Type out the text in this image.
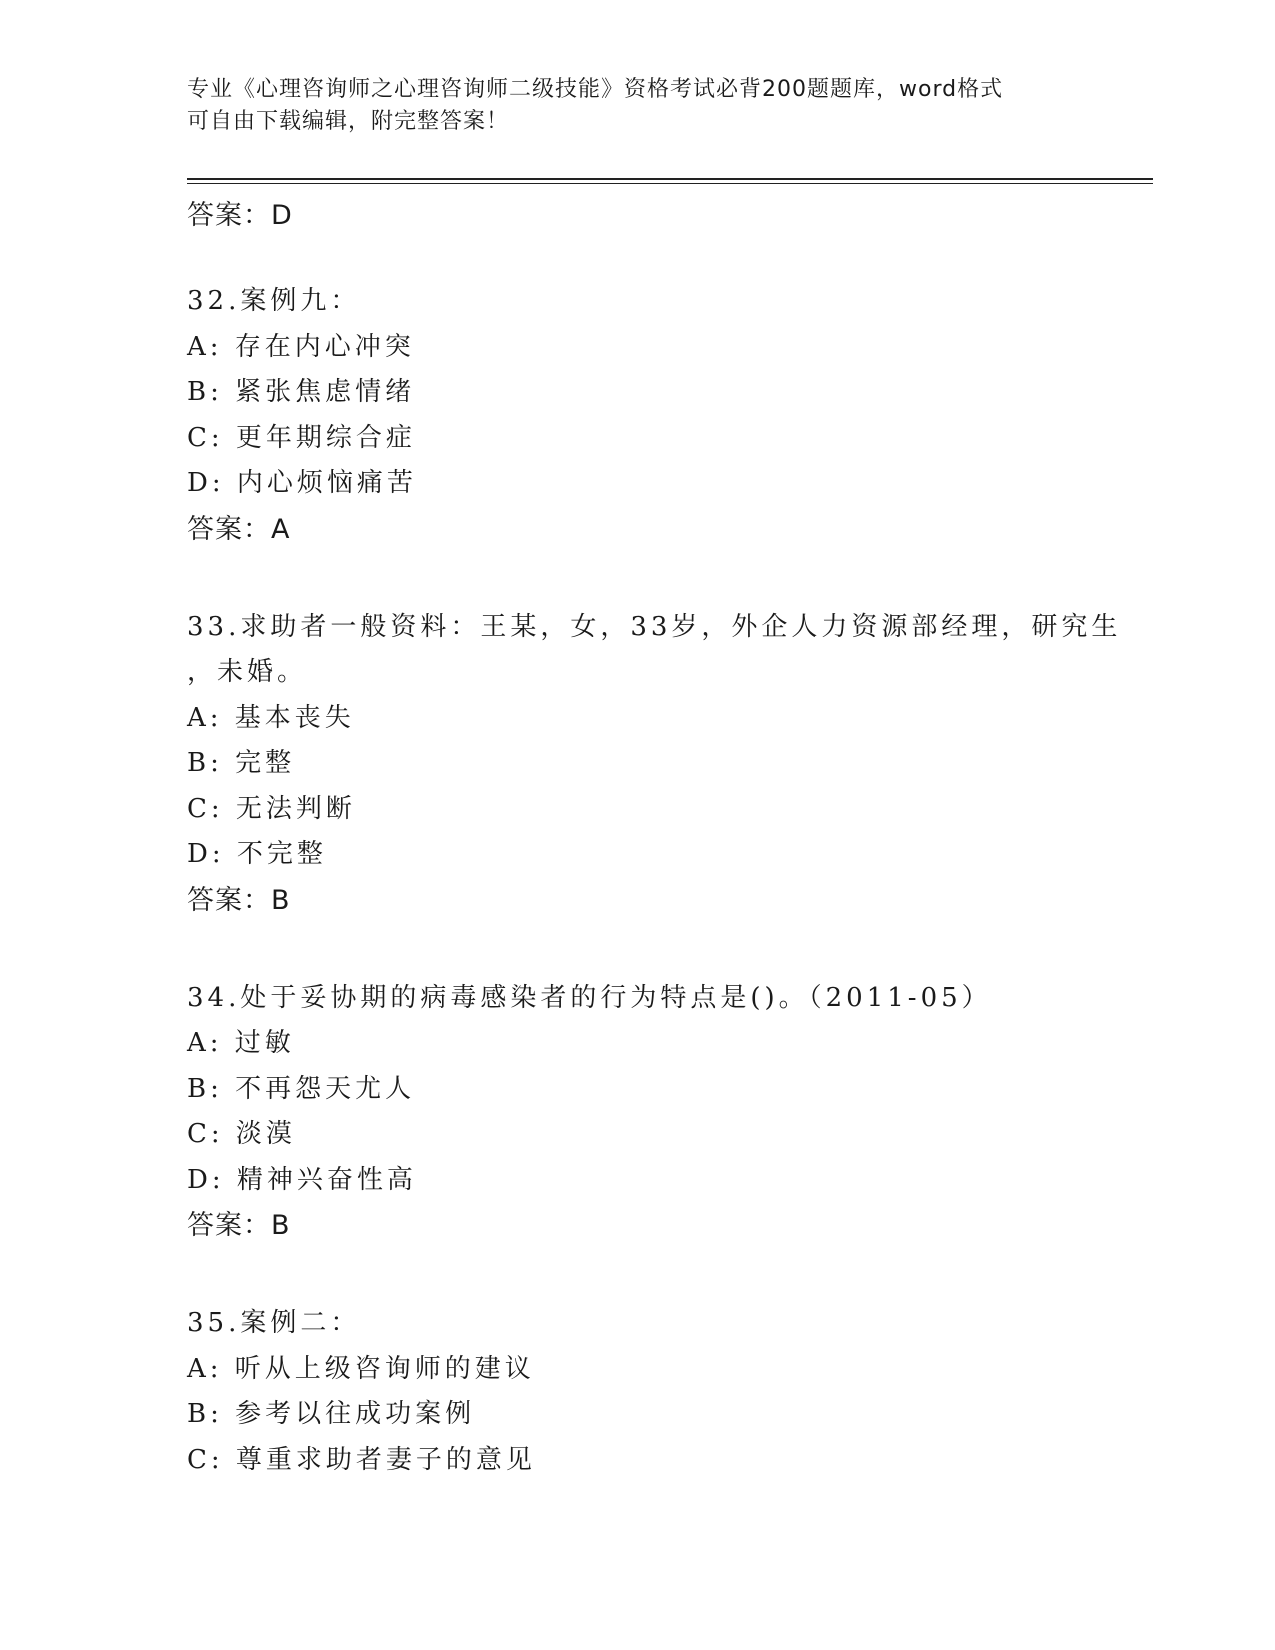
专业《心理咨询师之心理咨询师二级技能》资格考试必背200题题库，word格式
可自由下载编辑，附完整答案！

答案：D

32.案例九：

A: 存在内心冲突

B: 紧张焦虑情绪

C: 更年期综合症

D: 内心烦恼痛苦

答案：A

33.求助者一般资料：王某，女，33岁，外企人力资源部经理，研究生

，未婚。

A: 基本丧失

B: 完整

C: 无法判断

D: 不完整

答案：B

34.处于妥协期的病毒感染者的行为特点是()。（2011-05）

A: 过敏

B: 不再怨天尤人

C: 淡漠

D: 精神兴奋性高

答案：B

35.案例二：

A: 听从上级咨询师的建议

B: 参考以往成功案例

C: 尊重求助者妻子的意见
